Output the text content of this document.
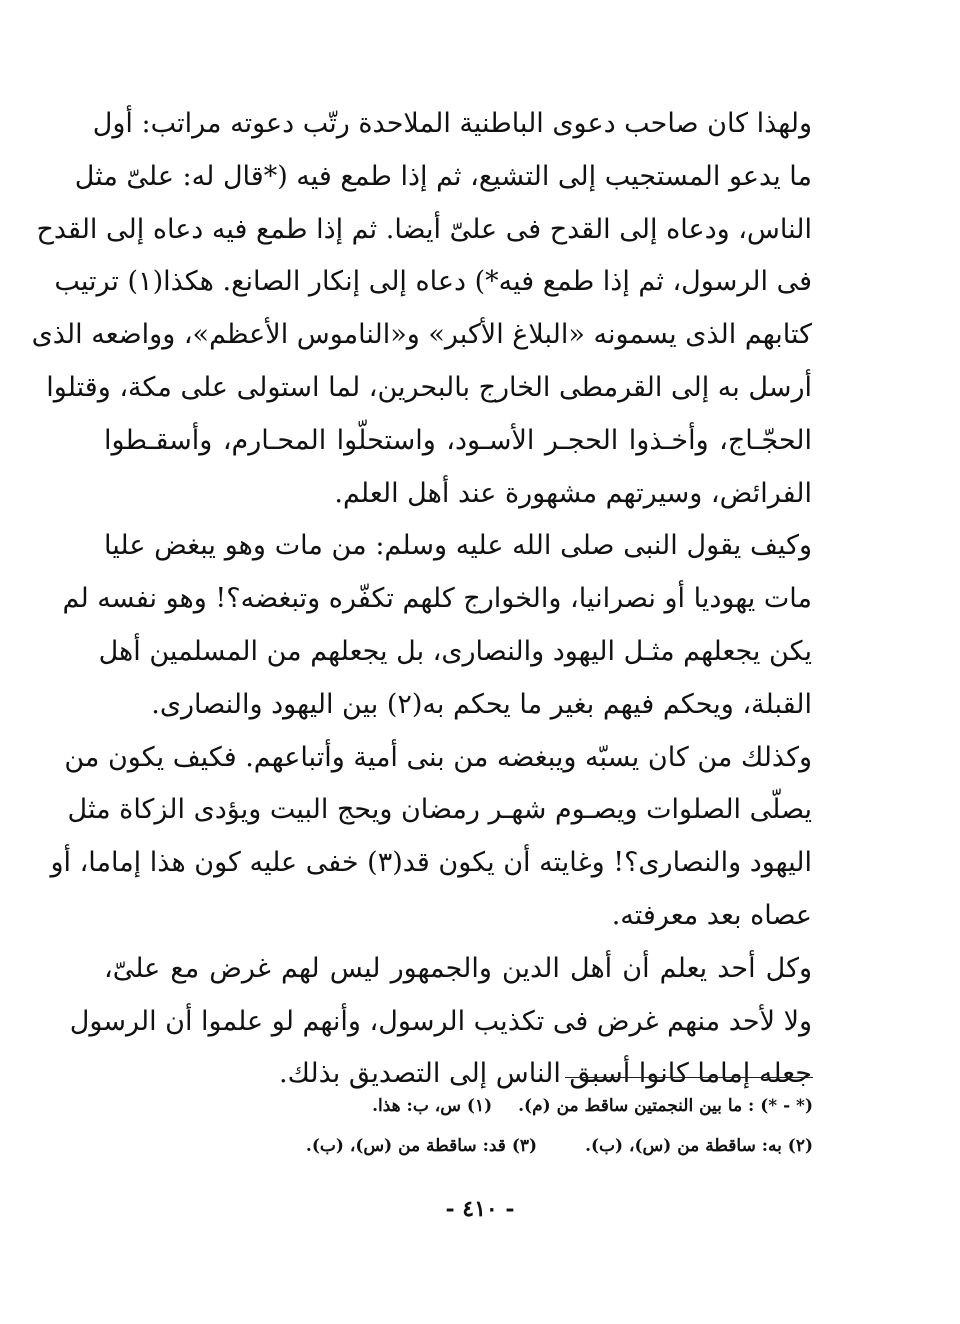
ولهذا كان صاحب دعوى الباطنية الملاحدة رتّب دعوته مراتب: أول
ما يدعو المستجيب إلى التشيع، ثم إذا طمع فيه (*قال له: علىّ مثل
الناس، ودعاه إلى القدح فى علىّ أيضا. ثم إذا طمع فيه دعاه إلى القدح
فى الرسول، ثم إذا طمع فيه*) دعاه إلى إنكار الصانع. هكذا(١) ترتيب
كتابهم الذى يسمونه «البلاغ الأكبر» و«الناموس الأعظم»، وواضعه الذى
أرسل به إلى القرمطى الخارج بالبحرين، لما استولى على مكة، وقتلوا
الحجّـاج، وأخـذوا الحجـر الأسـود، واستحلّوا المحـارم، وأسقـطوا
الفرائض، وسيرتهم مشهورة عند أهل العلم.
وكيف يقول النبى صلى الله عليه وسلم: من مات وهو يبغض عليا
مات يهوديا أو نصرانيا، والخوارج كلهم تكفّره وتبغضه؟! وهو نفسه لم
يكن يجعلهم مثـل اليهود والنصارى، بل يجعلهم من المسلمين أهل
القبلة، ويحكم فيهم بغير ما يحكم به(٢) بين اليهود والنصارى.
وكذلك من كان يسبّه ويبغضه من بنى أمية وأتباعهم. فكيف يكون من
يصلّى الصلوات ويصـوم شهـر رمضان ويحج البيت ويؤدى الزكاة مثل
اليهود والنصارى؟! وغايته أن يكون قد(٣) خفى عليه كون هذا إماما، أو
عصاه بعد معرفته.
وكل أحد يعلم أن أهل الدين والجمهور ليس لهم غرض مع علىّ،
ولا لأحد منهم غرض فى تكذيب الرسول، وأنهم لو علموا أن الرسول
جعله إماما كانوا أسبق الناس إلى التصديق بذلك.
(* - *) : ما بين النجمتين ساقط من (م).(١) س، ب: هذا.
(٢) به: ساقطة من (س)، (ب).(٣) قد: ساقطة من (س)، (ب).
- ٤١٠ -
